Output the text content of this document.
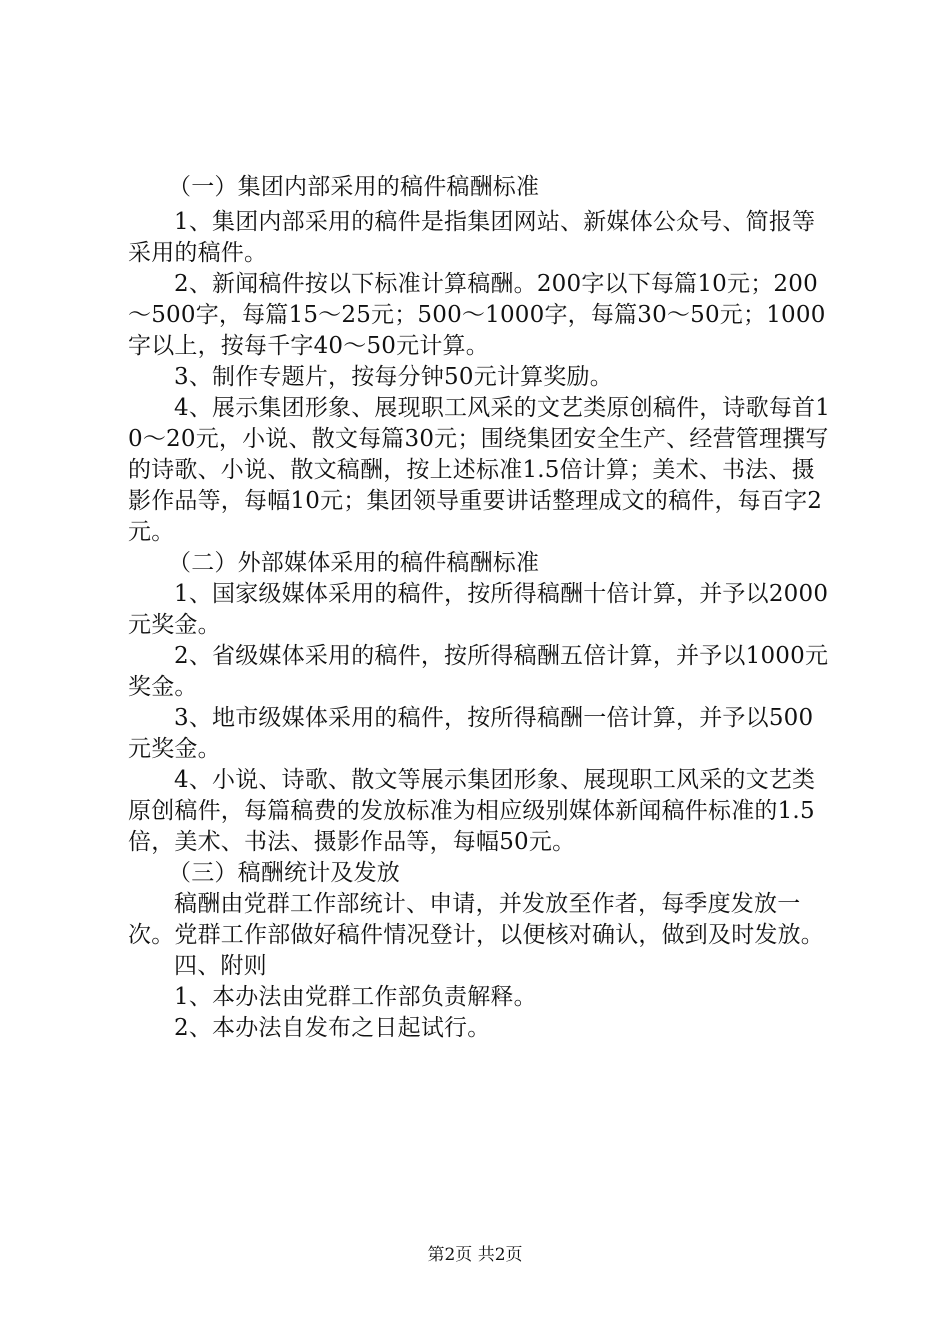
（一）集团内部采用的稿件稿酬标准

1、集团内部采用的稿件是指集团网站、新媒体公众号、简报等采用的稿件。

2、新闻稿件按以下标准计算稿酬。200字以下每篇10元；200～500字，每篇15～25元；500～1000字，每篇30～50元；1000字以上，按每千字40～50元计算。

3、制作专题片，按每分钟50元计算奖励。

4、展示集团形象、展现职工风采的文艺类原创稿件，诗歌每首10～20元，小说、散文每篇30元；围绕集团安全生产、经营管理撰写的诗歌、小说、散文稿酬，按上述标准1.5倍计算；美术、书法、摄影作品等，每幅10元；集团领导重要讲话整理成文的稿件，每百字2元。

（二）外部媒体采用的稿件稿酬标准

1、国家级媒体采用的稿件，按所得稿酬十倍计算，并予以2000元奖金。

2、省级媒体采用的稿件，按所得稿酬五倍计算，并予以1000元奖金。

3、地市级媒体采用的稿件，按所得稿酬一倍计算，并予以500元奖金。

4、小说、诗歌、散文等展示集团形象、展现职工风采的文艺类原创稿件，每篇稿费的发放标准为相应级别媒体新闻稿件标准的1.5倍，美术、书法、摄影作品等，每幅50元。

（三）稿酬统计及发放

稿酬由党群工作部统计、申请，并发放至作者，每季度发放一次。党群工作部做好稿件情况登计，以便核对确认，做到及时发放。

四、附则

1、本办法由党群工作部负责解释。

2、本办法自发布之日起试行。

第2页 共2页
